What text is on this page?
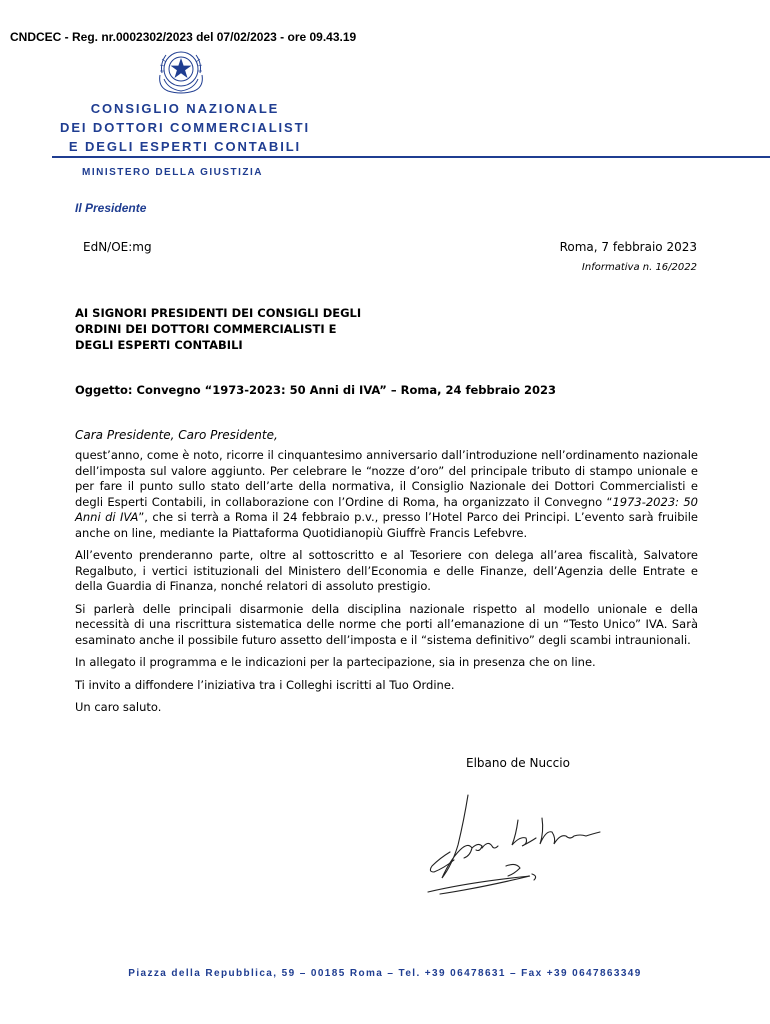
CNDCEC - Reg. nr.0002302/2023 del 07/02/2023 - ore 09.43.19
CONSIGLIO NAZIONALE
DEI DOTTORI COMMERCIALISTI
E DEGLI ESPERTI CONTABILI
MINISTERO DELLA GIUSTIZIA
Il Presidente
EdN/OE:mg	Roma, 7 febbraio 2023
Informativa n. 16/2022
AI SIGNORI PRESIDENTI DEI CONSIGLI DEGLI
ORDINI DEI DOTTORI COMMERCIALISTI E
DEGLI ESPERTI CONTABILI
Oggetto: Convegno “1973-2023: 50 Anni di IVA” – Roma, 24 febbraio 2023
Cara Presidente, Caro Presidente,

quest’anno, come è noto, ricorre il cinquantesimo anniversario dall’introduzione nell’ordinamento nazionale dell’imposta sul valore aggiunto. Per celebrare le “nozze d’oro” del principale tributo di stampo unionale e per fare il punto sullo stato dell’arte della normativa, il Consiglio Nazionale dei Dottori Commercialisti e degli Esperti Contabili, in collaborazione con l’Ordine di Roma, ha organizzato il Convegno “1973-2023: 50 Anni di IVA”, che si terrà a Roma il 24 febbraio p.v., presso l’Hotel Parco dei Principi. L’evento sarà fruibile anche on line, mediante la Piattaforma Quotidianopiù Giuffrè Francis Lefebvre.

All’evento prenderanno parte, oltre al sottoscritto e al Tesoriere con delega all’area fiscalità, Salvatore Regalbuto, i vertici istituzionali del Ministero dell’Economia e delle Finanze, dell’Agenzia delle Entrate e della Guardia di Finanza, nonché relatori di assoluto prestigio.

Si parlerà delle principali disarmonie della disciplina nazionale rispetto al modello unionale e della necessità di una riscrittura sistematica delle norme che porti all’emanazione di un “Testo Unico” IVA. Sarà esaminato anche il possibile futuro assetto dell’imposta e il “sistema definitivo” degli scambi intraunionali.

In allegato il programma e le indicazioni per la partecipazione, sia in presenza che on line.

Ti invito a diffondere l’iniziativa tra i Colleghi iscritti al Tuo Ordine.

Un caro saluto.

Elbano de Nuccio
Piazza della Repubblica, 59 – 00185 Roma – Tel. +39 06478631 – Fax +39 0647863349
